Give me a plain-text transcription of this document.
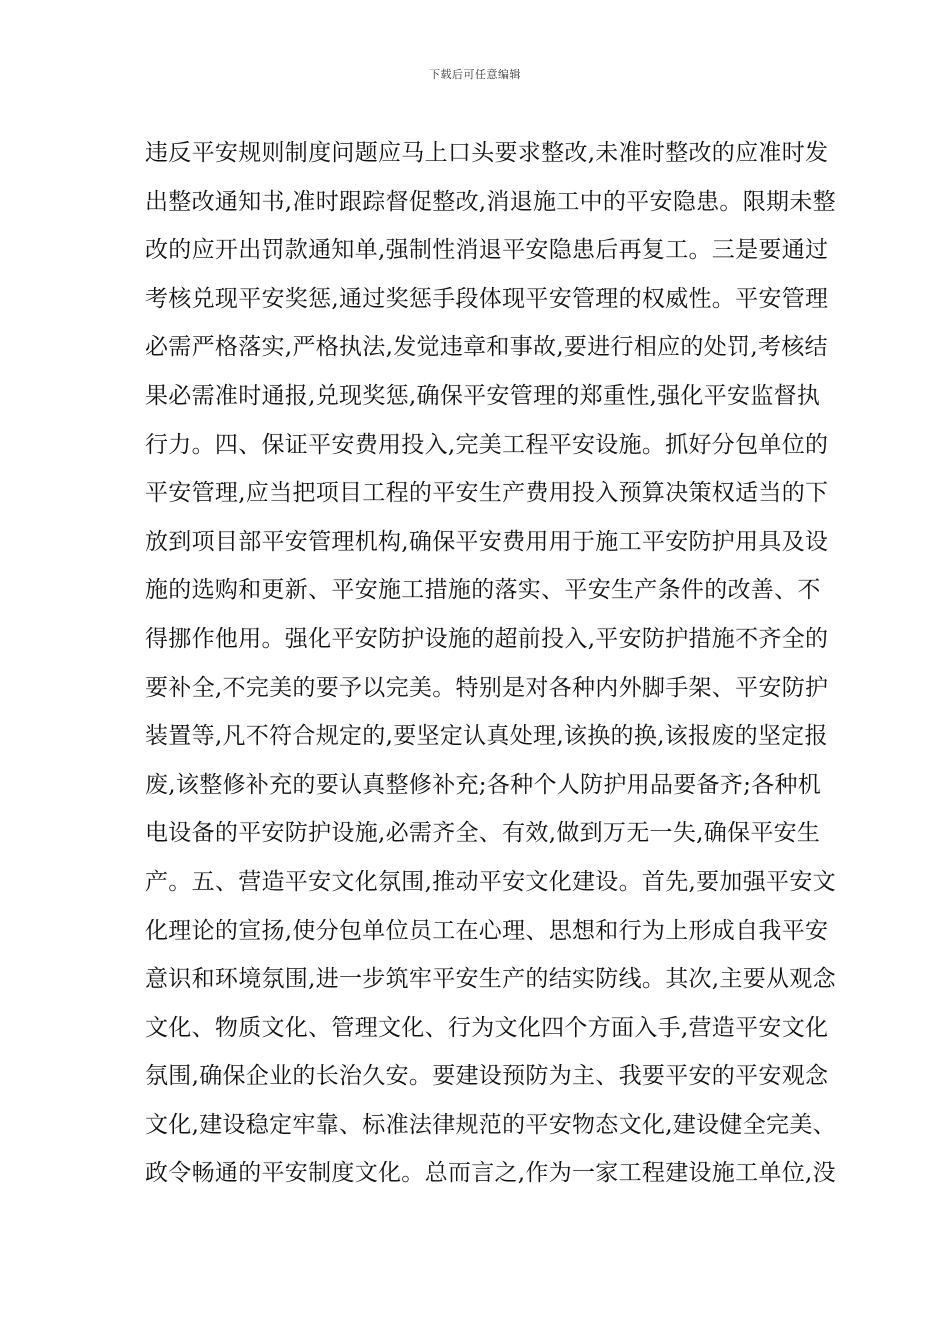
下载后可任意编辑
违反平安规则制度问题应马上口头要求整改,未准时整改的应准时发
出整改通知书,准时跟踪督促整改,消退施工中的平安隐患。限期未整
改的应开出罚款通知单,强制性消退平安隐患后再复工。三是要通过
考核兑现平安奖惩,通过奖惩手段体现平安管理的权威性。平安管理
必需严格落实,严格执法,发觉违章和事故,要进行相应的处罚,考核结
果必需准时通报,兑现奖惩,确保平安管理的郑重性,强化平安监督执
行力。四、保证平安费用投入,完美工程平安设施。抓好分包单位的
平安管理,应当把项目工程的平安生产费用投入预算决策权适当的下
放到项目部平安管理机构,确保平安费用用于施工平安防护用具及设
施的选购和更新、平安施工措施的落实、平安生产条件的改善、不
得挪作他用。强化平安防护设施的超前投入,平安防护措施不齐全的
要补全,不完美的要予以完美。特别是对各种内外脚手架、平安防护
装置等,凡不符合规定的,要坚定认真处理,该换的换,该报废的坚定报
废,该整修补充的要认真整修补充;各种个人防护用品要备齐;各种机
电设备的平安防护设施,必需齐全、有效,做到万无一失,确保平安生
产。五、营造平安文化氛围,推动平安文化建设。首先,要加强平安文
化理论的宣扬,使分包单位员工在心理、思想和行为上形成自我平安
意识和环境氛围,进一步筑牢平安生产的结实防线。其次,主要从观念
文化、物质文化、管理文化、行为文化四个方面入手,营造平安文化
氛围,确保企业的长治久安。要建设预防为主、我要平安的平安观念
文化,建设稳定牢靠、标准法律规范的平安物态文化,建设健全完美、
政令畅通的平安制度文化。总而言之,作为一家工程建设施工单位,没
